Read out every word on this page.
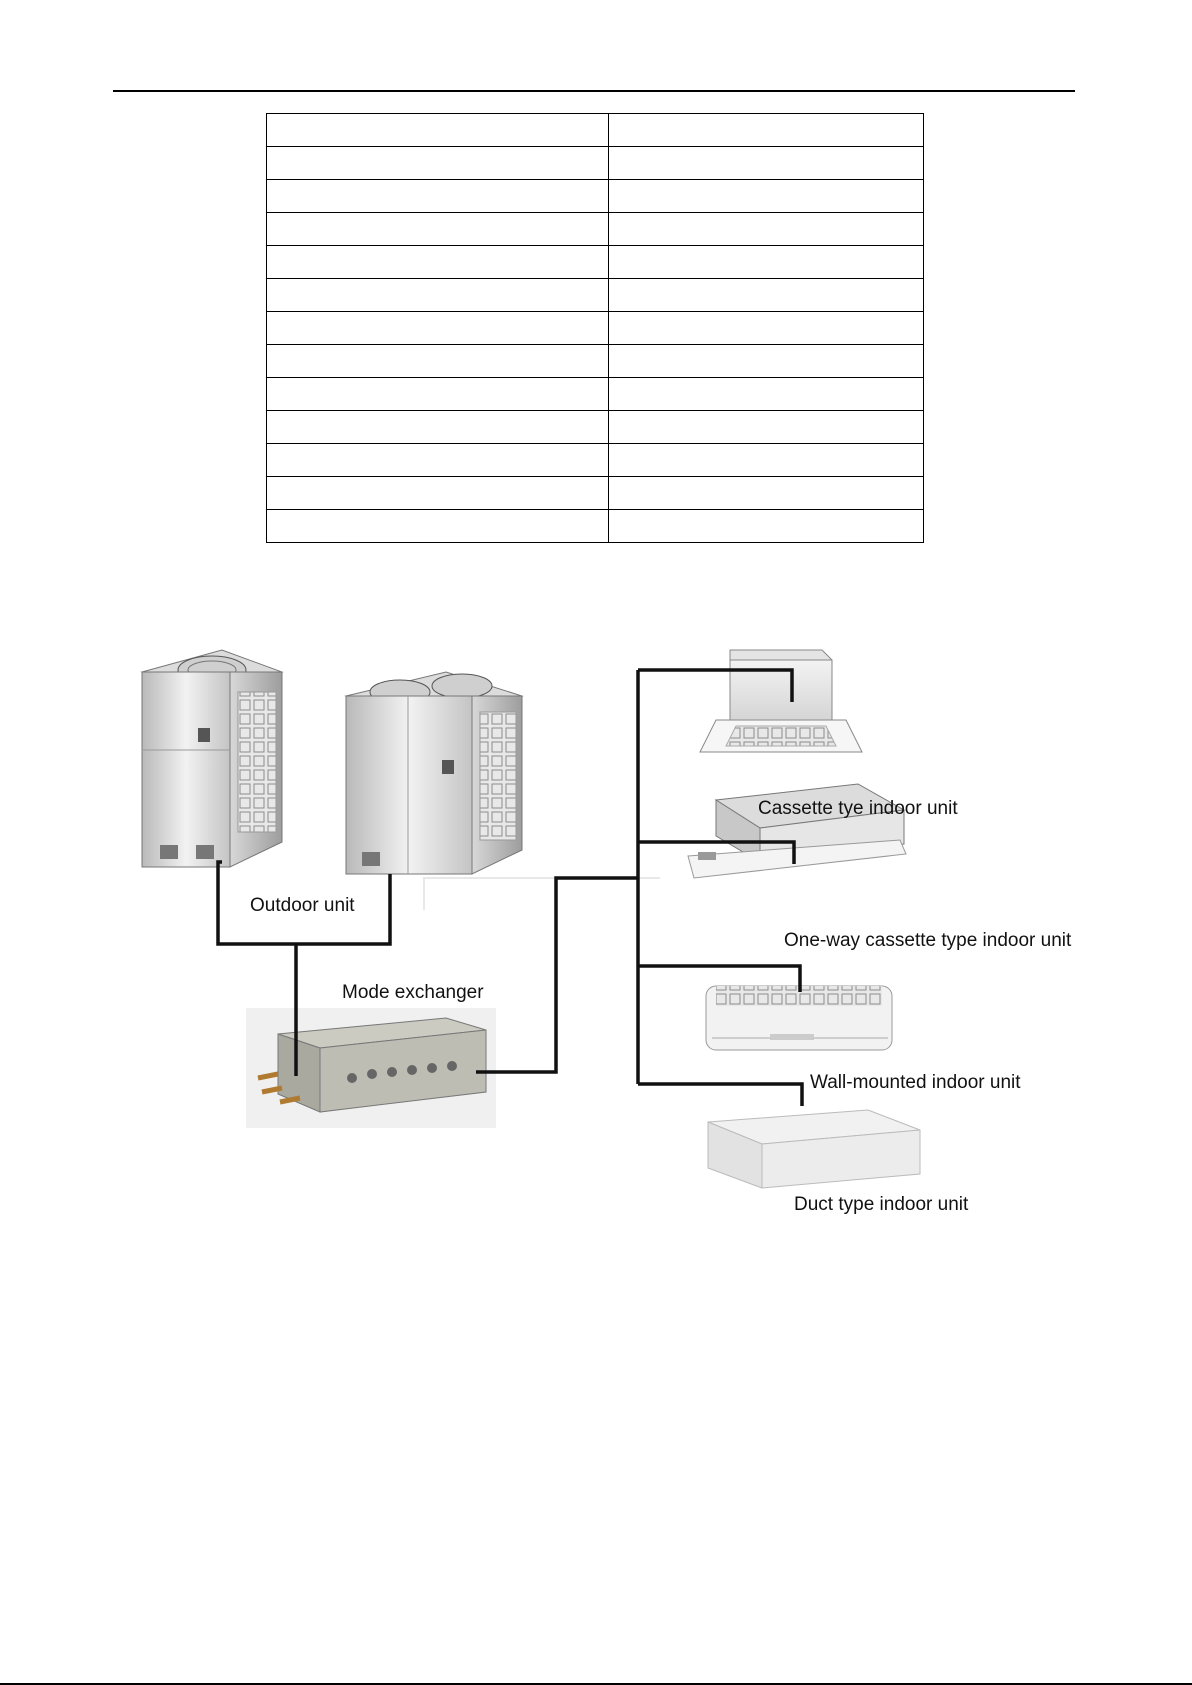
Outdoor unit
Mode exchanger
Cassette tye indoor unit
One-way cassette type indoor unit
Wall-mounted indoor unit
Duct type indoor unit
